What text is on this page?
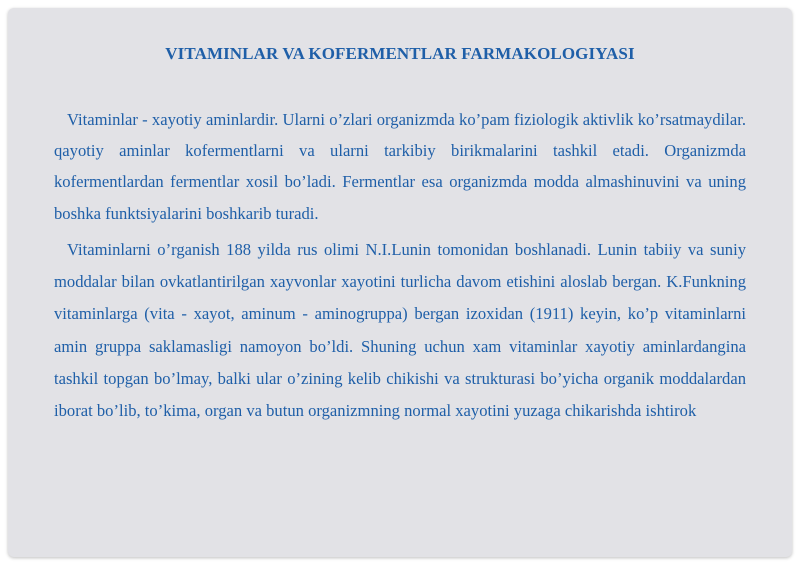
VITAMINLAR VA KOFERMENTLAR FARMAKOLOGIYASI

Vitaminlar - xayotiy aminlardir. Ularni o’zlari organizmda ko’pam fiziologik aktivlik ko’rsatmaydilar. qayotiy aminlar kofermentlarni va ularni tarkibiy birikmalarini tashkil etadi. Organizmda kofermentlardan fermentlar xosil bo’ladi. Fermentlar esa organizmda modda almashinuvini va uning boshka funktsiyalarini boshkarib turadi.

Vitaminlarni o’rganish 188 yilda rus olimi N.I.Lunin tomonidan boshlanadi. Lunin tabiiy va suniy moddalar bilan ovkatlantirilgan xayvonlar xayotini turlicha davom etishini aloslab bergan. K.Funkning vitaminlarga (vita - xayot, aminum - aminogruppa) bergan izoxidan (1911) keyin, ko’p vitaminlarni amin gruppa saklamasligi namoyon bo’ldi. Shuning uchun xam vitaminlar xayotiy aminlardangina tashkil topgan bo’lmay, balki ular o’zining kelib chikishi va strukturasi bo’yicha organik moddalardan iborat bo’lib, to’kima, organ va butun organizmning normal xayotini yuzaga chikarishda ishtirok
